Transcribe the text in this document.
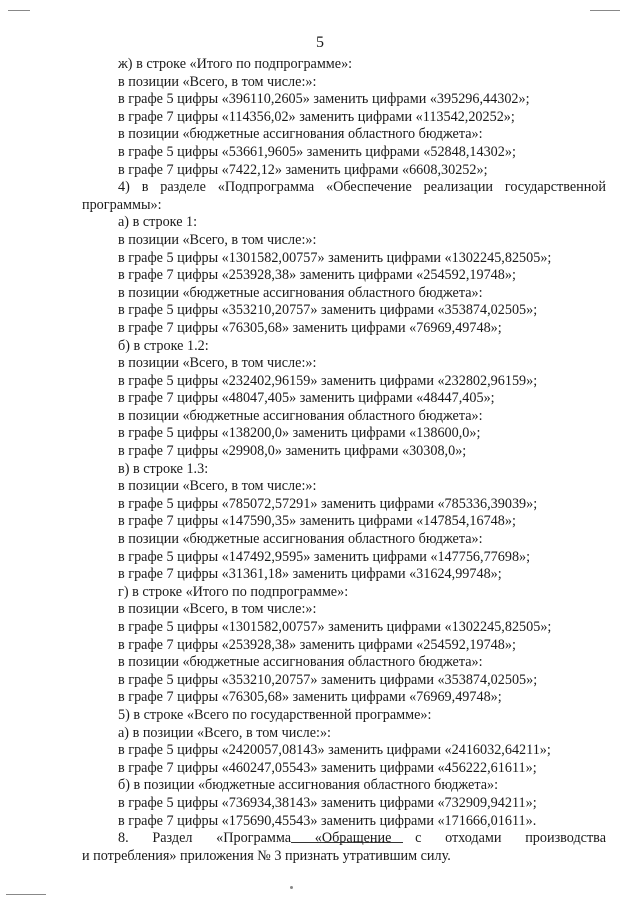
5
ж) в строке «Итого по подпрограмме»:
в позиции «Всего, в том числе:»:
в графе 5 цифры «396110,2605» заменить цифрами «395296,44302»;
в графе 7 цифры «114356,02» заменить цифрами «113542,20252»;
в позиции «бюджетные ассигнования областного бюджета»:
в графе 5 цифры «53661,9605» заменить цифрами «52848,14302»;
в графе 7 цифры «7422,12» заменить цифрами «6608,30252»;
4) в разделе «Подпрограмма «Обеспечение реализации государственной
программы»:
а) в строке 1:
в позиции «Всего, в том числе:»:
в графе 5 цифры «1301582,00757» заменить цифрами «1302245,82505»;
в графе 7 цифры «253928,38» заменить цифрами «254592,19748»;
в позиции «бюджетные ассигнования областного бюджета»:
в графе 5 цифры «353210,20757» заменить цифрами «353874,02505»;
в графе 7 цифры «76305,68» заменить цифрами «76969,49748»;
б) в строке 1.2:
в позиции «Всего, в том числе:»:
в графе 5 цифры «232402,96159» заменить цифрами «232802,96159»;
в графе 7 цифры «48047,405» заменить цифрами «48447,405»;
в позиции «бюджетные ассигнования областного бюджета»:
в графе 5 цифры «138200,0» заменить цифрами «138600,0»;
в графе 7 цифры «29908,0» заменить цифрами «30308,0»;
в) в строке 1.3:
в позиции «Всего, в том числе:»:
в графе 5 цифры «785072,57291» заменить цифрами «785336,39039»;
в графе 7 цифры «147590,35» заменить цифрами «147854,16748»;
в позиции «бюджетные ассигнования областного бюджета»:
в графе 5 цифры «147492,9595» заменить цифрами «147756,77698»;
в графе 7 цифры «31361,18» заменить цифрами «31624,99748»;
г) в строке «Итого по подпрограмме»:
в позиции «Всего, в том числе:»:
в графе 5 цифры «1301582,00757» заменить цифрами «1302245,82505»;
в графе 7 цифры «253928,38» заменить цифрами «254592,19748»;
в позиции «бюджетные ассигнования областного бюджета»:
в графе 5 цифры «353210,20757» заменить цифрами «353874,02505»;
в графе 7 цифры «76305,68» заменить цифрами «76969,49748»;
5) в строке «Всего по государственной программе»:
а) в позиции «Всего, в том числе:»:
в графе 5 цифры «2420057,08143» заменить цифрами «2416032,64211»;
в графе 7 цифры «460247,05543» заменить цифрами «456222,61611»;
б) в позиции «бюджетные ассигнования областного бюджета»:
в графе 5 цифры «736934,38143» заменить цифрами «732909,94211»;
в графе 7 цифры «175690,45543» заменить цифрами «171666,01611».
8. Раздел «Программа «Обращение с отходами производства
и потребления» приложения № 3 признать утратившим силу.
